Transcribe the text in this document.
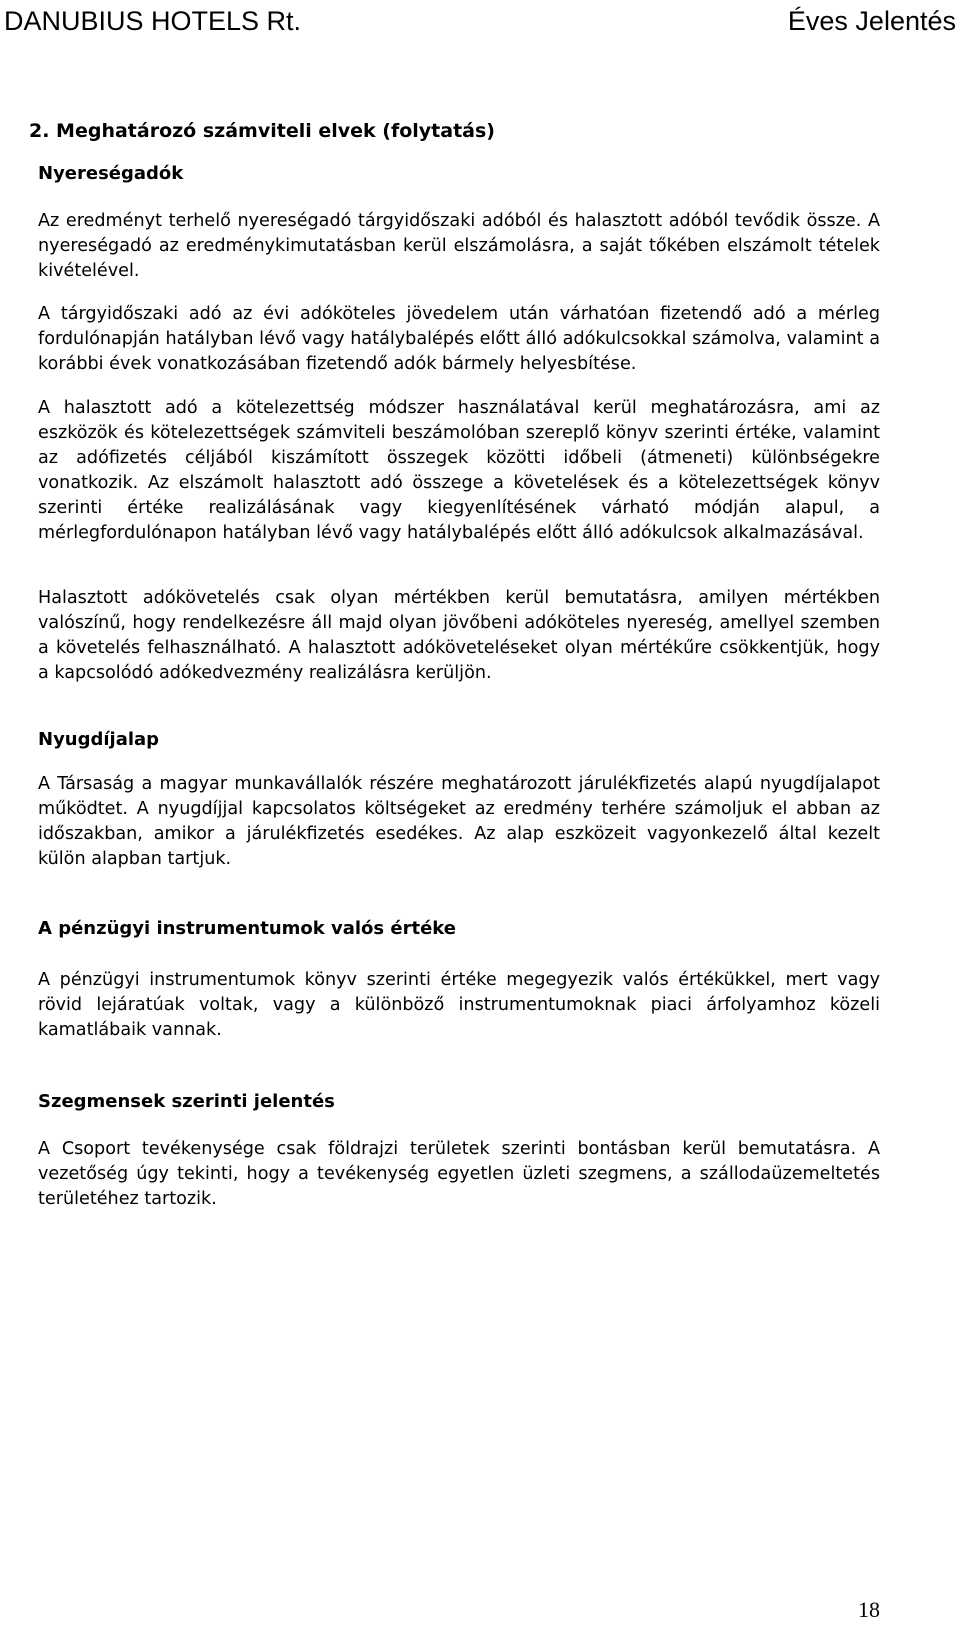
DANUBIUS HOTELS Rt.	Éves Jelentés
2. Meghatározó számviteli elvek (folytatás)
Nyereségadók
Az eredményt terhelő nyereségadó tárgyidőszaki adóból és halasztott adóból tevődik össze. A nyereségadó az eredménykimutatásban kerül elszámolásra, a saját tőkében elszámolt tételek kivételével.
A tárgyidőszaki adó az évi adóköteles jövedelem után várhatóan fizetendő adó a mérleg fordulónapján hatályban lévő vagy hatálybalépés előtt álló adókulcsokkal számolva, valamint a korábbi évek vonatkozásában fizetendő adók bármely helyesbítése.
A halasztott adó a kötelezettség módszer használatával kerül meghatározásra, ami az eszközök és kötelezettségek számviteli beszámolóban szereplő könyv szerinti értéke, valamint az adófizetés céljából kiszámított összegek közötti időbeli (átmeneti) különbségekre vonatkozik. Az elszámolt halasztott adó összege a követelések és a kötelezettségek könyv szerinti értéke realizálásának vagy kiegyenlítésének várható módján alapul, a mérlegfordulónapon hatályban lévő vagy hatálybalépés előtt álló adókulcsok alkalmazásával.
Halasztott adókövetelés csak olyan mértékben kerül bemutatásra, amilyen mértékben valószínű, hogy rendelkezésre áll majd olyan jövőbeni adóköteles nyereség, amellyel szemben a követelés felhasználható. A halasztott adóköveteléseket olyan mértékűre csökkentjük, hogy a kapcsolódó adókedvezmény realizálásra kerüljön.
Nyugdíjalap
A Társaság a magyar munkavállalók részére meghatározott járulékfizetés alapú nyugdíjalapot működtet. A nyugdíjjal kapcsolatos költségeket az eredmény terhére számoljuk el abban az időszakban, amikor a járulékfizetés esedékes. Az alap eszközeit vagyonkezelő által kezelt külön alapban tartjuk.
A pénzügyi instrumentumok valós értéke
A pénzügyi instrumentumok könyv szerinti értéke megegyezik valós értékükkel, mert vagy rövid lejáratúak voltak, vagy a különböző instrumentumoknak piaci árfolyamhoz közeli kamatlábaik vannak.
Szegmensek szerinti jelentés
A Csoport tevékenysége csak földrajzi területek szerinti bontásban kerül bemutatásra. A vezetőség úgy tekinti, hogy a tevékenység egyetlen üzleti szegmens, a szállodaüzemeltetés területéhez tartozik.
18
